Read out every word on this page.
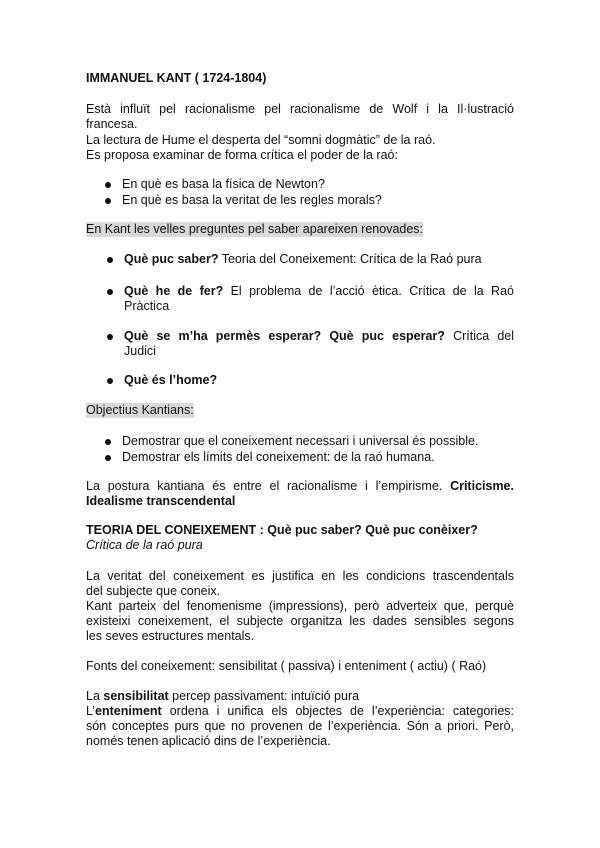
IMMANUEL KANT ( 1724-1804)
Està influït pel racionalisme pel racionalisme de Wolf i la Il·lustració
francesa.
La lectura de Hume el desperta del “somni dogmàtic” de la raó.
Es proposa examinar de forma crítica el poder de la raó:
En què es basa la física de Newton?
En què es basa la veritat de les regles morals?
En Kant les velles preguntes pel saber apareixen renovades:
Què puc saber? Teoria del Coneixement: Crítica de la Raó pura
Què he de fer? El problema de l’acció ètica. Crítica de la Raó
Pràctica
Què se m’ha permès esperar? Què puc esperar? Crítica del
Judici
Què és l’home?
Objectius Kantians:
Demostrar que el coneixement necessari i universal és possible.
Demostrar els límits del coneixement: de la raó humana.
La postura kantiana és entre el racionalisme i l’empirisme. Criticisme.
Idealisme transcendental
TEORIA DEL CONEIXEMENT : Què puc saber? Què puc conèixer?
Crítica de la raó pura
La veritat del coneixement es justifica en les condicions trascendentals
del subjecte que coneix.
Kant parteix del fenomenisme (impressions), però adverteix que, perquè
existeixi coneixement, el subjecte organitza les dades sensibles segons
les seves estructures mentals.
Fonts del coneixement: sensibilitat ( passiva) i enteniment ( actiu) ( Raó)
La sensibilitat percep passivament: intuïció pura
L’enteniment ordena i unifica els objectes de l’experiència: categories:
són conceptes purs que no provenen de l’experiència. Són a priori. Però,
només tenen aplicació dins de l’experiència.
